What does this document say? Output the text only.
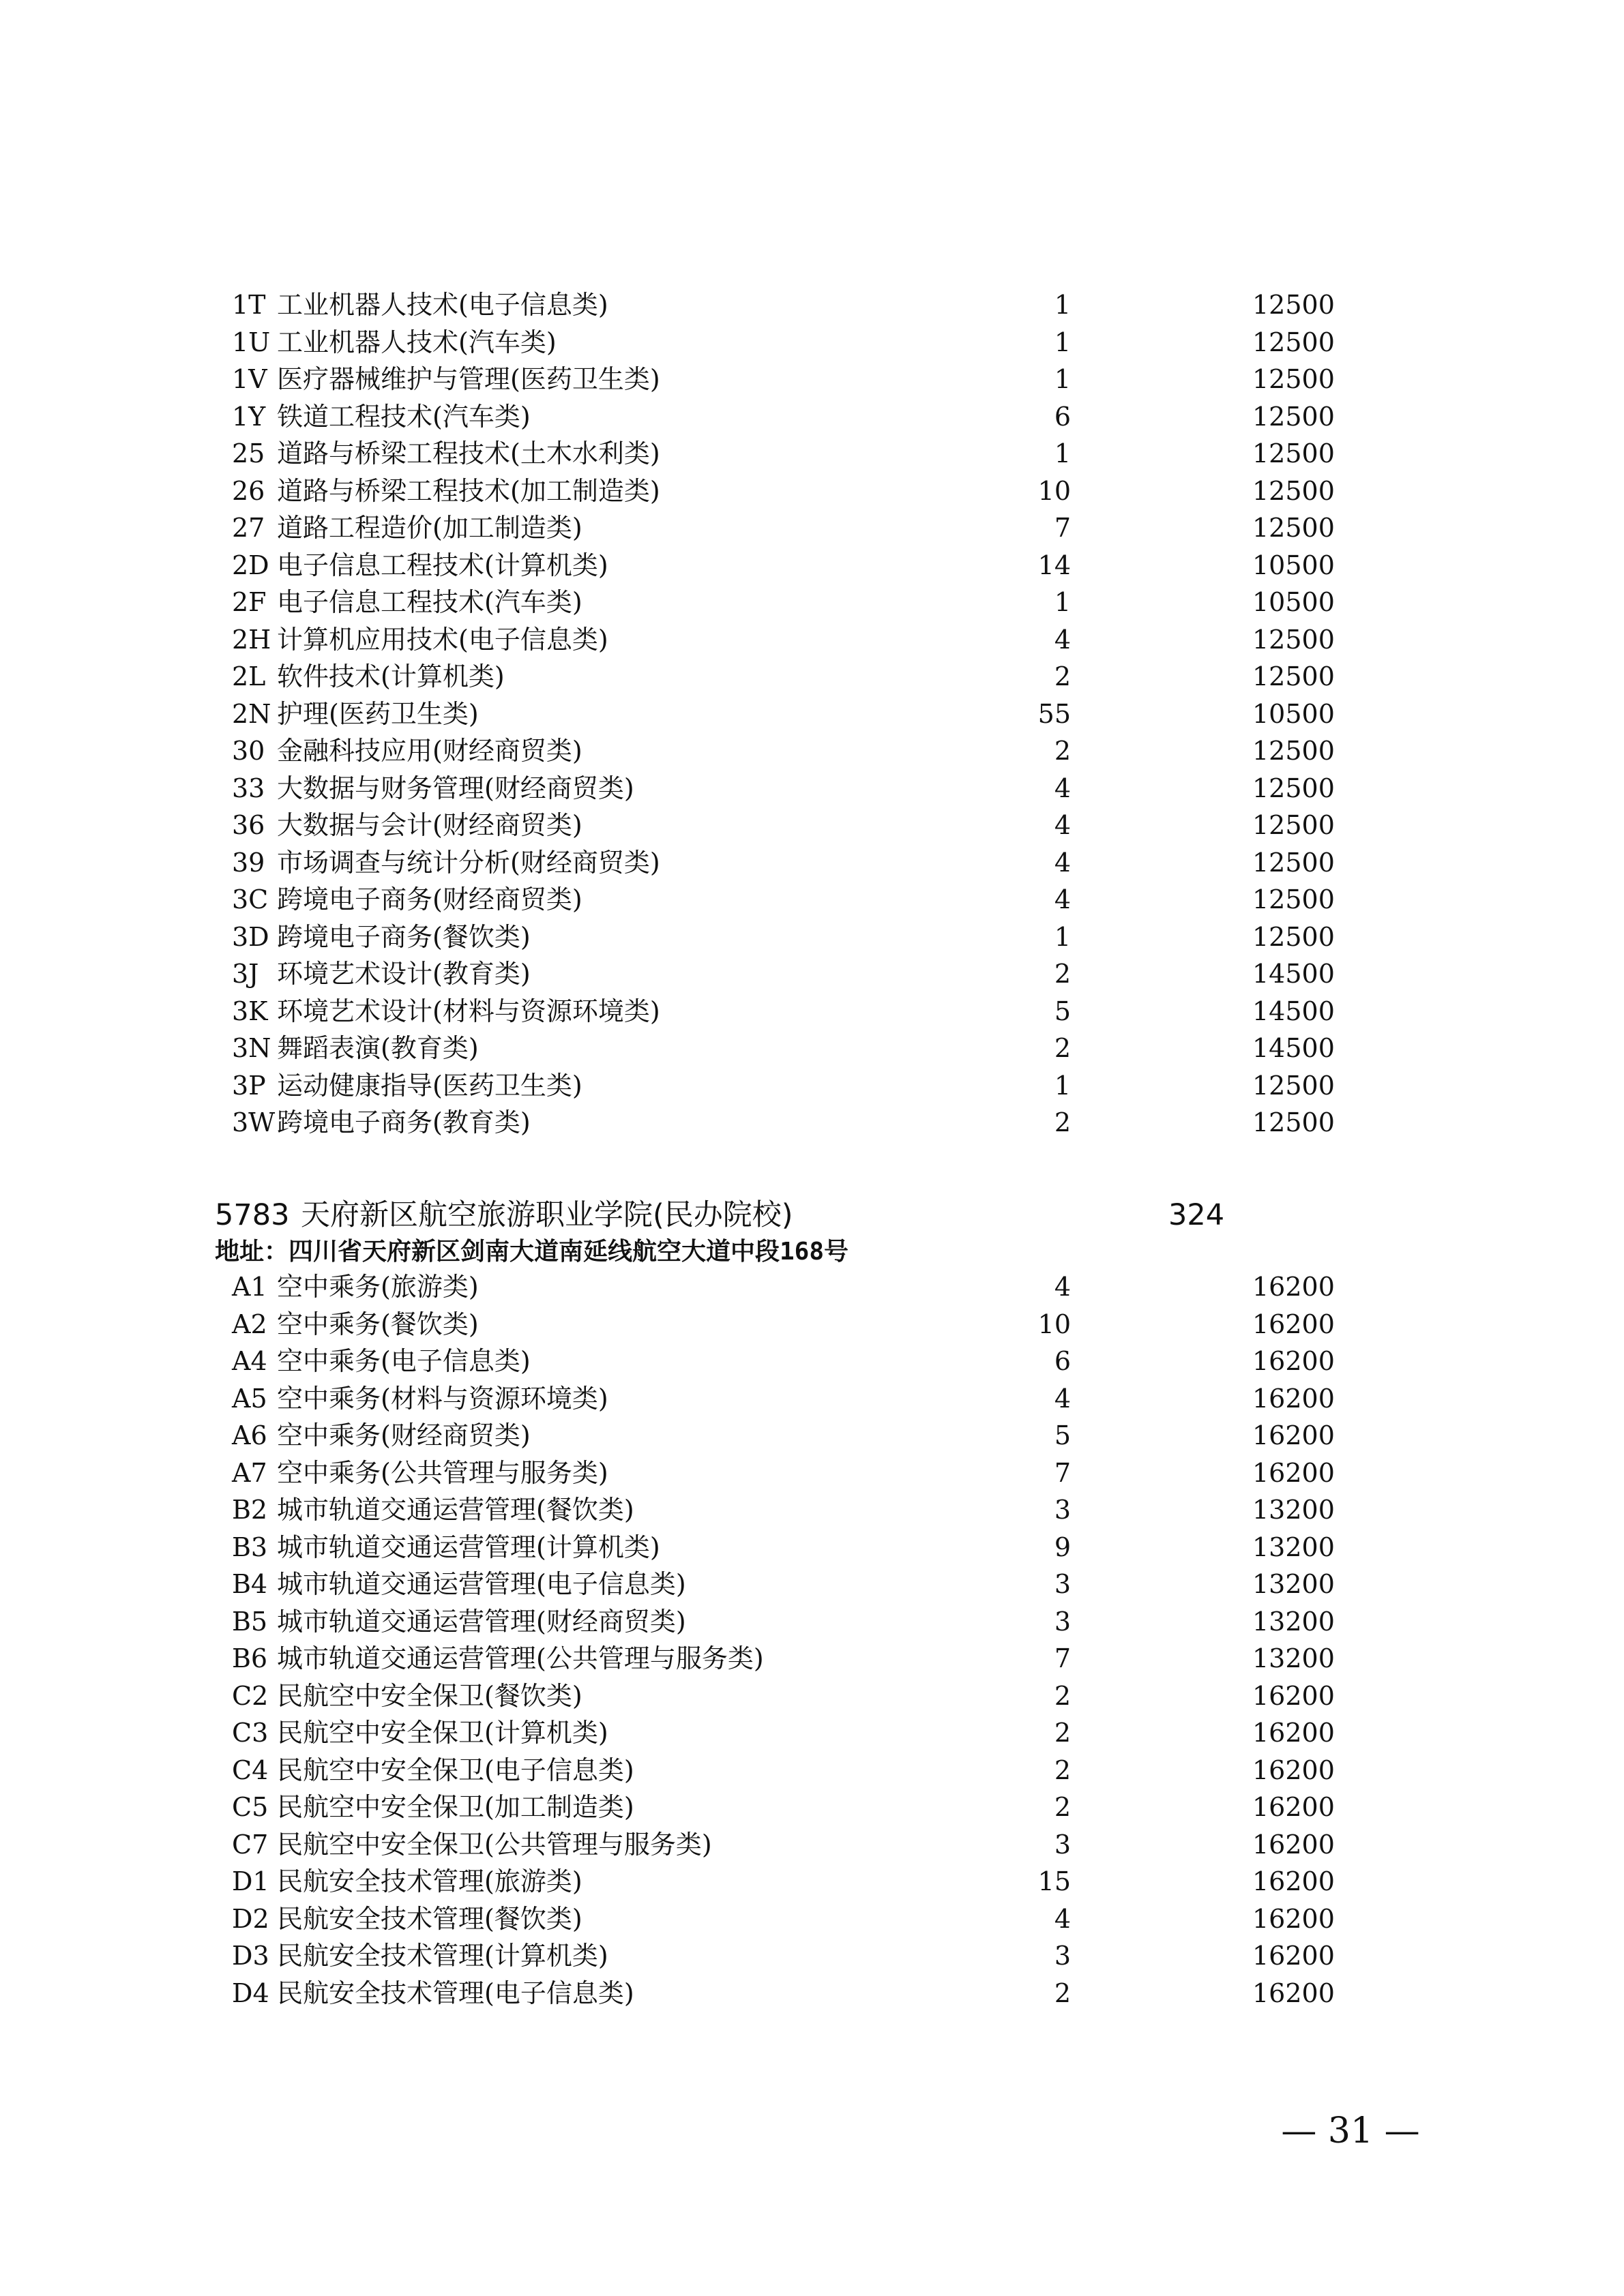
1T 工业机器人技术(电子信息类)	1	12500
1U 工业机器人技术(汽车类)	1	12500
1V 医疗器械维护与管理(医药卫生类)	1	12500
1Y 铁道工程技术(汽车类)	6	12500
25 道路与桥梁工程技术(土木水利类)	1	12500
26 道路与桥梁工程技术(加工制造类)	10	12500
27 道路工程造价(加工制造类)	7	12500
2D 电子信息工程技术(计算机类)	14	10500
2F 电子信息工程技术(汽车类)	1	10500
2H 计算机应用技术(电子信息类)	4	12500
2L 软件技术(计算机类)	2	12500
2N 护理(医药卫生类)	55	10500
30 金融科技应用(财经商贸类)	2	12500
33 大数据与财务管理(财经商贸类)	4	12500
36 大数据与会计(财经商贸类)	4	12500
39 市场调查与统计分析(财经商贸类)	4	12500
3C 跨境电子商务(财经商贸类)	4	12500
3D 跨境电子商务(餐饮类)	1	12500
3J 环境艺术设计(教育类)	2	14500
3K 环境艺术设计(材料与资源环境类)	5	14500
3N 舞蹈表演(教育类)	2	14500
3P 运动健康指导(医药卫生类)	1	12500
3W 跨境电子商务(教育类)	2	12500
5783 天府新区航空旅游职业学院(民办院校)	324
地址：四川省天府新区剑南大道南延线航空大道中段168号
A1 空中乘务(旅游类)	4	16200
A2 空中乘务(餐饮类)	10	16200
A4 空中乘务(电子信息类)	6	16200
A5 空中乘务(材料与资源环境类)	4	16200
A6 空中乘务(财经商贸类)	5	16200
A7 空中乘务(公共管理与服务类)	7	16200
B2 城市轨道交通运营管理(餐饮类)	3	13200
B3 城市轨道交通运营管理(计算机类)	9	13200
B4 城市轨道交通运营管理(电子信息类)	3	13200
B5 城市轨道交通运营管理(财经商贸类)	3	13200
B6 城市轨道交通运营管理(公共管理与服务类)	7	13200
C2 民航空中安全保卫(餐饮类)	2	16200
C3 民航空中安全保卫(计算机类)	2	16200
C4 民航空中安全保卫(电子信息类)	2	16200
C5 民航空中安全保卫(加工制造类)	2	16200
C7 民航空中安全保卫(公共管理与服务类)	3	16200
D1 民航安全技术管理(旅游类)	15	16200
D2 民航安全技术管理(餐饮类)	4	16200
D3 民航安全技术管理(计算机类)	3	16200
D4 民航安全技术管理(电子信息类)	2	16200
— 31 —
